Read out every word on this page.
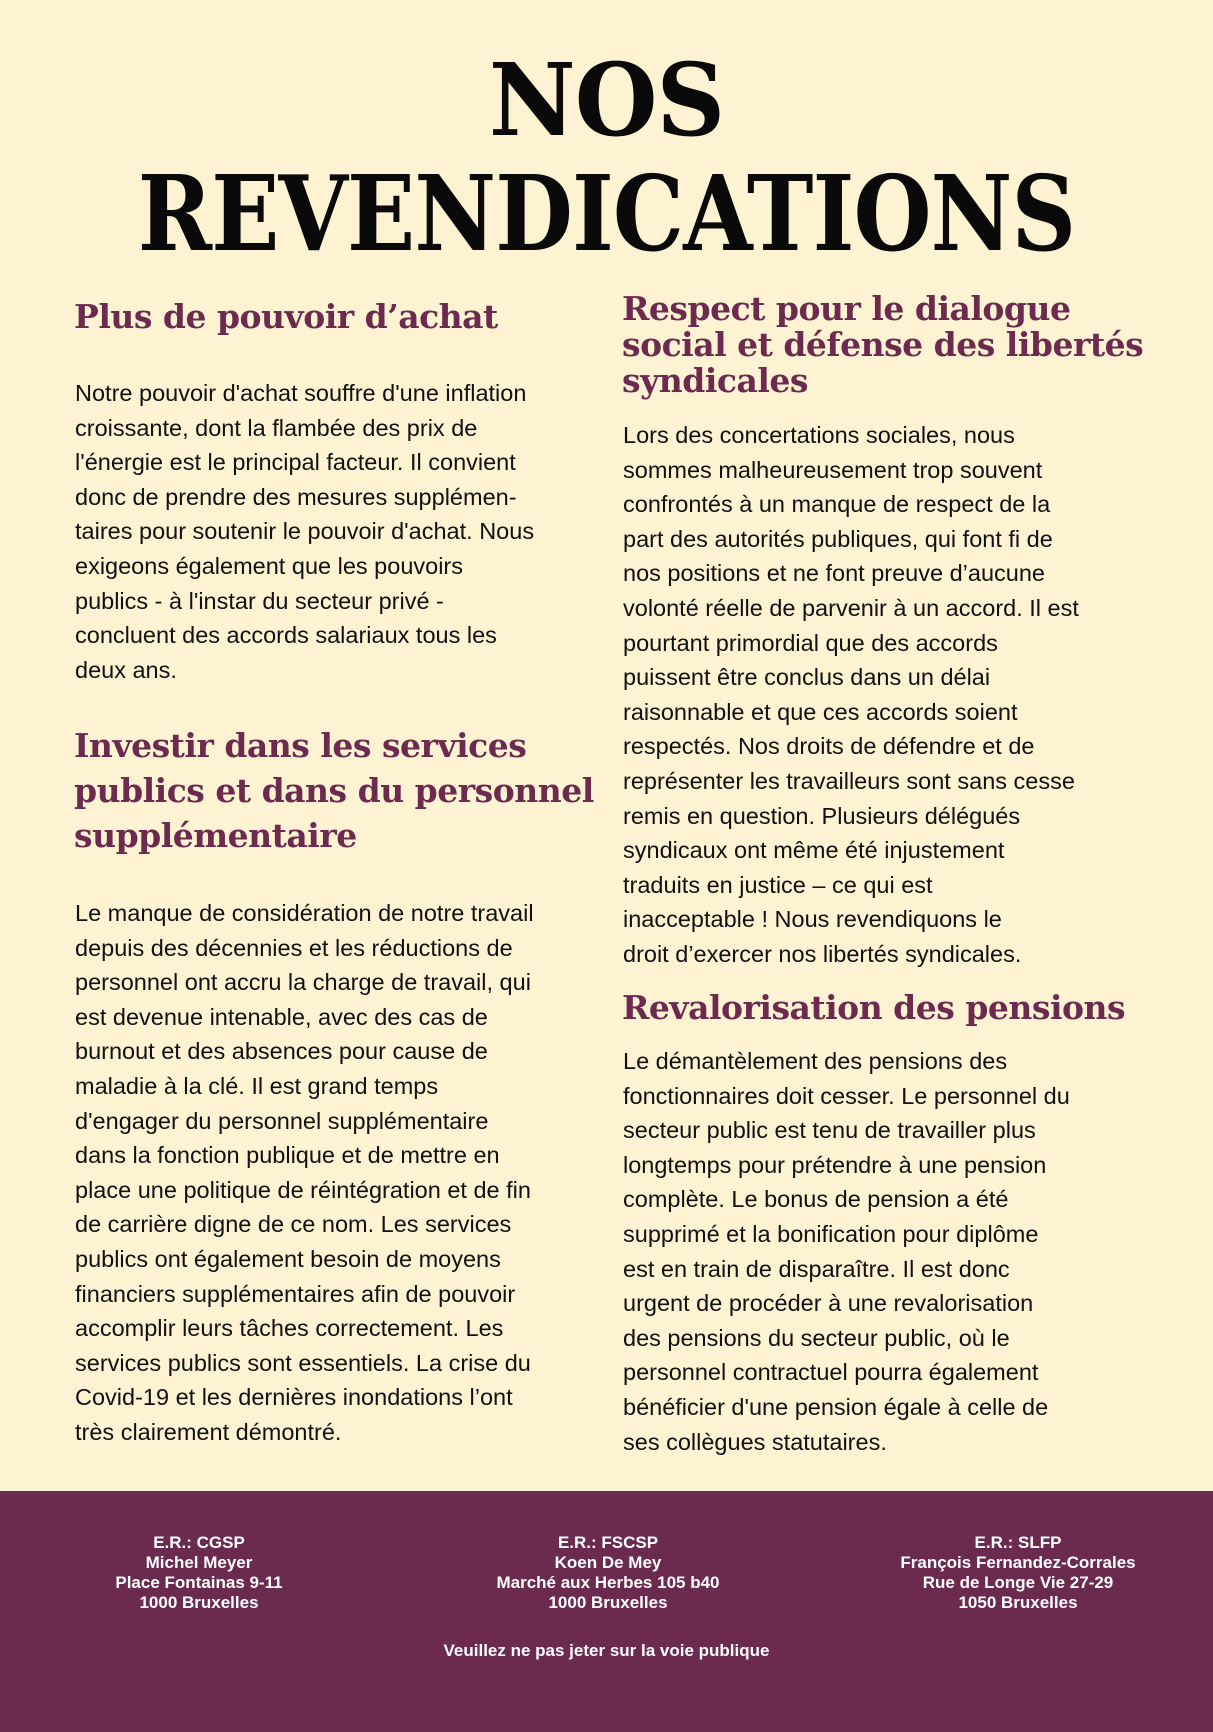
NOS
REVENDICATIONS
Plus de pouvoir d’achat
Notre pouvoir d'achat souffre d'une inflation
croissante, dont la flambée des prix de
l'énergie est le principal facteur. Il convient
donc de prendre des mesures supplémen-
taires pour soutenir le pouvoir d'achat. Nous
exigeons également que les pouvoirs
publics - à l'instar du secteur privé -
concluent des accords salariaux tous les
deux ans.
Investir dans les services
publics et dans du personnel
supplémentaire
Le manque de considération de notre travail
depuis des décennies et les réductions de
personnel ont accru la charge de travail, qui
est devenue intenable, avec des cas de
burnout et des absences pour cause de
maladie à la clé. Il est grand temps
d'engager du personnel supplémentaire
dans la fonction publique et de mettre en
place une politique de réintégration et de fin
de carrière digne de ce nom. Les services
publics ont également besoin de moyens
financiers supplémentaires afin de pouvoir
accomplir leurs tâches correctement. Les
services publics sont essentiels. La crise du
Covid-19 et les dernières inondations l’ont
très clairement démontré.
Respect pour le dialogue
social et défense des libertés
syndicales
Lors des concertations sociales, nous
sommes malheureusement trop souvent
confrontés à un manque de respect de la
part des autorités publiques, qui font fi de
nos positions et ne font preuve d’aucune
volonté réelle de parvenir à un accord. Il est
pourtant primordial que des accords
puissent être conclus dans un délai
raisonnable et que ces accords soient
respectés. Nos droits de défendre et de
représenter les travailleurs sont sans cesse
remis en question. Plusieurs délégués
syndicaux ont même été injustement
traduits en justice – ce qui est
inacceptable ! Nous revendiquons le
droit d’exercer nos libertés syndicales.
Revalorisation des pensions
Le démantèlement des pensions des
fonctionnaires doit cesser. Le personnel du
secteur public est tenu de travailler plus
longtemps pour prétendre à une pension
complète. Le bonus de pension a été
supprimé et la bonification pour diplôme
est en train de disparaître. Il est donc
urgent de procéder à une revalorisation
des pensions du secteur public, où le
personnel contractuel pourra également
bénéficier d'une pension égale à celle de
ses collègues statutaires.
E.R.: CGSP
Michel Meyer
Place Fontainas 9-11
1000 Bruxelles
E.R.: FSCSP
Koen De Mey
Marché aux Herbes 105 b40
1000 Bruxelles
E.R.: SLFP
François Fernandez-Corrales
Rue de Longe Vie 27-29
1050 Bruxelles
Veuillez ne pas jeter sur la voie publique
